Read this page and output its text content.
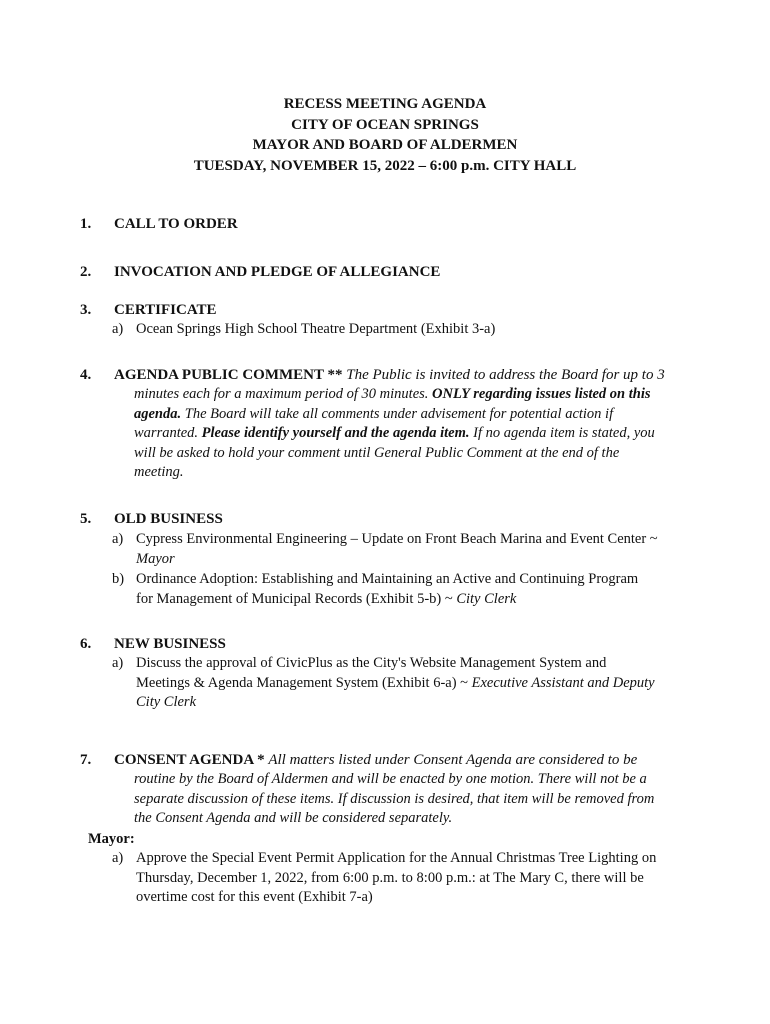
RECESS MEETING AGENDA
CITY OF OCEAN SPRINGS
MAYOR AND BOARD OF ALDERMEN
TUESDAY, NOVEMBER 15, 2022 – 6:00 p.m. CITY HALL
1.	CALL TO ORDER
2.	INVOCATION AND PLEDGE OF ALLEGIANCE
3.	CERTIFICATE
a) Ocean Springs High School Theatre Department (Exhibit 3-a)
4.	AGENDA PUBLIC COMMENT ** The Public is invited to address the Board for up to 3
minutes each for a maximum period of 30 minutes. ONLY regarding issues listed on this
agenda. The Board will take all comments under advisement for potential action if
warranted. Please identify yourself and the agenda item. If no agenda item is stated, you
will be asked to hold your comment until General Public Comment at the end of the
meeting.
5.	OLD BUSINESS
a) Cypress Environmental Engineering – Update on Front Beach Marina and Event Center ~
Mayor
b) Ordinance Adoption: Establishing and Maintaining an Active and Continuing Program
for Management of Municipal Records (Exhibit 5-b) ~ City Clerk
6.	NEW BUSINESS
a) Discuss the approval of CivicPlus as the City's Website Management System and
Meetings & Agenda Management System (Exhibit 6-a) ~ Executive Assistant and Deputy
City Clerk
7.	CONSENT AGENDA * All matters listed under Consent Agenda are considered to be
routine by the Board of Aldermen and will be enacted by one motion. There will not be a
separate discussion of these items. If discussion is desired, that item will be removed from
the Consent Agenda and will be considered separately.
Mayor:
a) Approve the Special Event Permit Application for the Annual Christmas Tree Lighting on
Thursday, December 1, 2022, from 6:00 p.m. to 8:00 p.m.: at The Mary C, there will be
overtime cost for this event (Exhibit 7-a)
